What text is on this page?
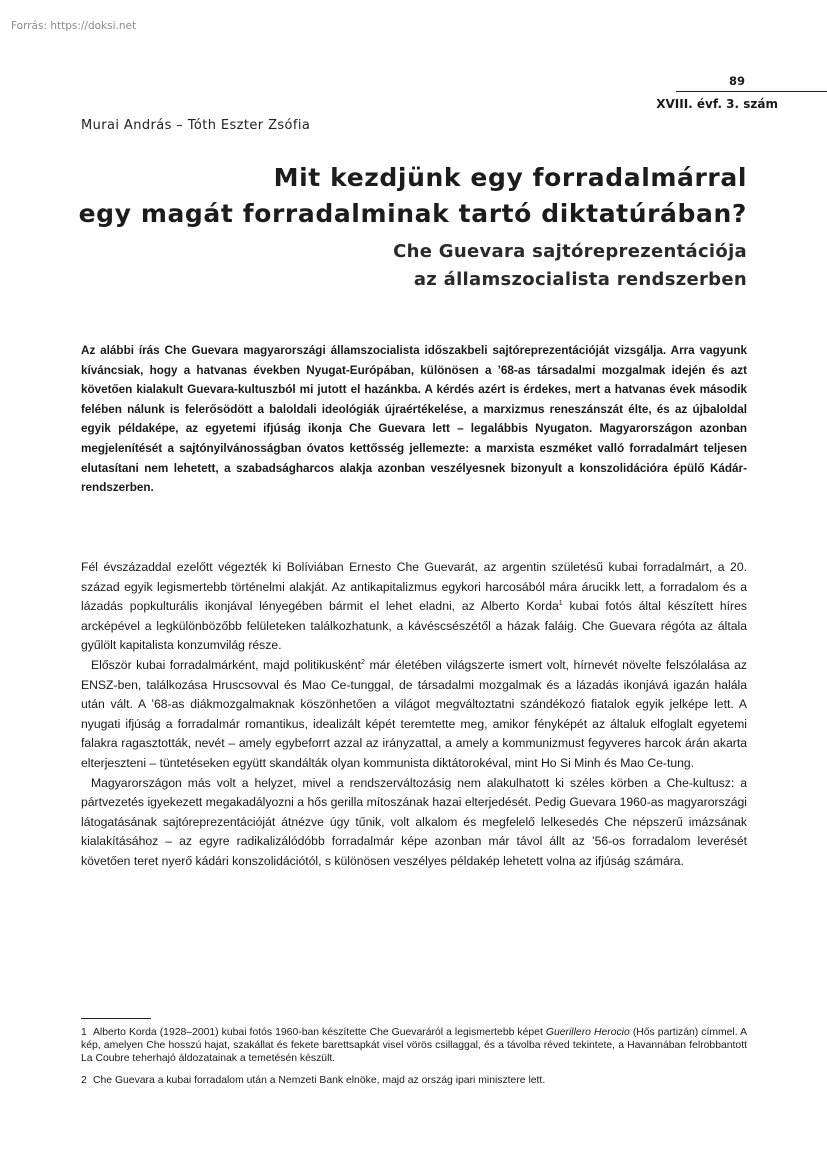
Forrás: https://doksi.net
89
XVIII. évf. 3. szám
Murai András – Tóth Eszter Zsófia
Mit kezdjünk egy forradalmárral
egy magát forradalminak tartó diktatúrában?
Che Guevara sajtóreprezentációja
az államszocialista rendszerben
Az alábbi írás Che Guevara magyarországi államszocialista időszakbeli sajtóreprezentációját vizsgálja. Arra vagyunk kíváncsiak, hogy a hatvanas években Nyugat-Európában, különösen a ’68-as társadalmi mozgalmak idején és azt követően kialakult Guevara-kultuszból mi jutott el hazánkba. A kérdés azért is érdekes, mert a hatvanas évek második felében nálunk is felerősödött a baloldali ideológiák újraértékelése, a marxizmus reneszánszát élte, és az újbaloldal egyik példaképe, az egyetemi ifjúság ikonja Che Guevara lett – legalábbis Nyugaton. Magyarországon azonban megjelenítését a sajtónyilvánosságban óvatos kettősség jellemezte: a marxista eszméket valló forradalmárt teljesen elutasítani nem lehetett, a szabadságharcos alakja azonban veszélyesnek bizonyult a konszolidációra épülő Kádár-rendszerben.

Fél évszázaddal ezelőtt végezték ki Bolíviában Ernesto Che Guevarát, az argentin születésű kubai forradalmárt, a 20. század egyik legismertebb történelmi alakját. Az antikapitalizmus egykori harcosából mára árucikk lett, a forradalom és a lázadás popkulturális ikonjával lényegében bármit el lehet eladni, az Alberto Korda$^1$ kubai fotós által készített híres arcképével a legkülönbözőbb felületeken találkozhatunk, a kávéscsészétől a házak faláig. Che Guevara régóta az általa gyűlölt kapitalista konzumvilág része.

Először kubai forradalmárként, majd politikusként$^2$ már életében világszerte ismert volt, hírnevét növelte felszólalása az ENSZ-ben, találkozása Hruscsovval és Mao Ce-tunggal, de társadalmi mozgalmak és a lázadás ikonjává igazán halála után vált. A ’68-as diákmozgalmaknak köszönhetően a világot megváltoztatni szándékozó fiatalok egyik jelképe lett. A nyugati ifjúság a forradalmár romantikus, idealizált képét teremtette meg, amikor fényképét az általuk elfoglalt egyetemi falakra ragasztották, nevét – amely egybeforrt azzal az irányzattal, a amely a kommunizmust fegyveres harcok árán akarta elterjeszteni – tüntetéseken együtt skandálták olyan kommunista diktátorokéval, mint Ho Si Minh és Mao Ce-tung.

Magyarországon más volt a helyzet, mivel a rendszerváltozásig nem alakulhatott ki széles körben a Che-kultusz: a pártvezetés igyekezett megakadályozni a hős gerilla mítoszának hazai elterjedését. Pedig Guevara 1960-as magyarországi látogatásának sajtóreprezentációját átnézve úgy tűnik, volt alkalom és megfelelő lelkesedés Che népszerű imázsának kialakításához – az egyre radikalizálódóbb forradalmár képe azonban már távol állt az ’56-os forradalom leverését követően teret nyerő kádári konszolidációtól, s különösen veszélyes példakép lehetett volna az ifjúság számára.

1 Alberto Korda (1928–2001) kubai fotós 1960-ban készítette Che Guevaráról a legismertebb képet Guerillero Herocio (Hős partizán) címmel. A kép, amelyen Che hosszú hajat, szakállat és fekete barettsapkát visel vörös csillaggal, és a távolba réved tekintete, a Havannában felrobbantott La Coubre teherhajó áldozatainak a temetésén készült.

2 Che Guevara a kubai forradalom után a Nemzeti Bank elnöke, majd az ország ipari minisztere lett.
